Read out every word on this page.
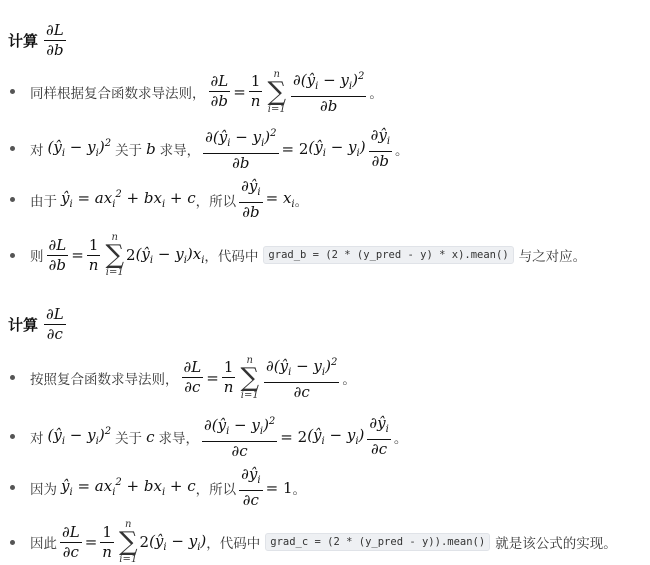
计算 $\frac{\partial L}{\partial b}$
同样根据复合函数求导法则， $\frac{\partial L}{\partial b} = \frac{1}{n}$ n
∑
$i=1 \frac{\partial(ŷ_i - y_i)^2}{\partial b}$ 。
对 $(ŷ_i - y_i)^2$ 关于 b 求导， $\frac{\partial(ŷ_i - y_i)^2}{\partial b} = 2$ $(ŷ_i - y_i) \frac{\partial ŷ_i}{\partial b}$ 。
由于 $ŷ_i = ax_i^2 + bx_i + c$ ，所以 $\frac{\partial ŷ_i}{\partial b} = x_i$ 。
则 $\frac{\partial L}{\partial b} = \frac{1}{n}$ n
∑
i=1
2 $(ŷ_i - y_i)x_i$ ，代码中 grad_b = (2 * (y_pred - y) * x).mean() 与之对应。
计算 $\frac{\partial L}{\partial c}$
按照复合函数求导法则， $\frac{\partial L}{\partial c} = \frac{1}{n}$ n
∑
$i=1 \frac{\partial(ŷ_i - y_i)^2}{\partial c}$ 。
对 $(ŷ_i - y_i)^2$ 关于 c 求导， $\frac{\partial(ŷ_i - y_i)^2}{\partial c} = 2$ $(ŷ_i - y_i) \frac{\partial ŷ_i}{\partial c}$ 。
因为 $ŷ_i = ax_i^2 + bx_i + c$ ，所以 $\frac{\partial ŷ_i}{\partial c} = 1$ 。
因此 $\frac{\partial L}{\partial c} = \frac{1}{n}$ n
∑
i=1
2 $(ŷ_i - y_i)$ ，代码中 grad_c = (2 * (y_pred - y)).mean() 就是该公式的实现。
